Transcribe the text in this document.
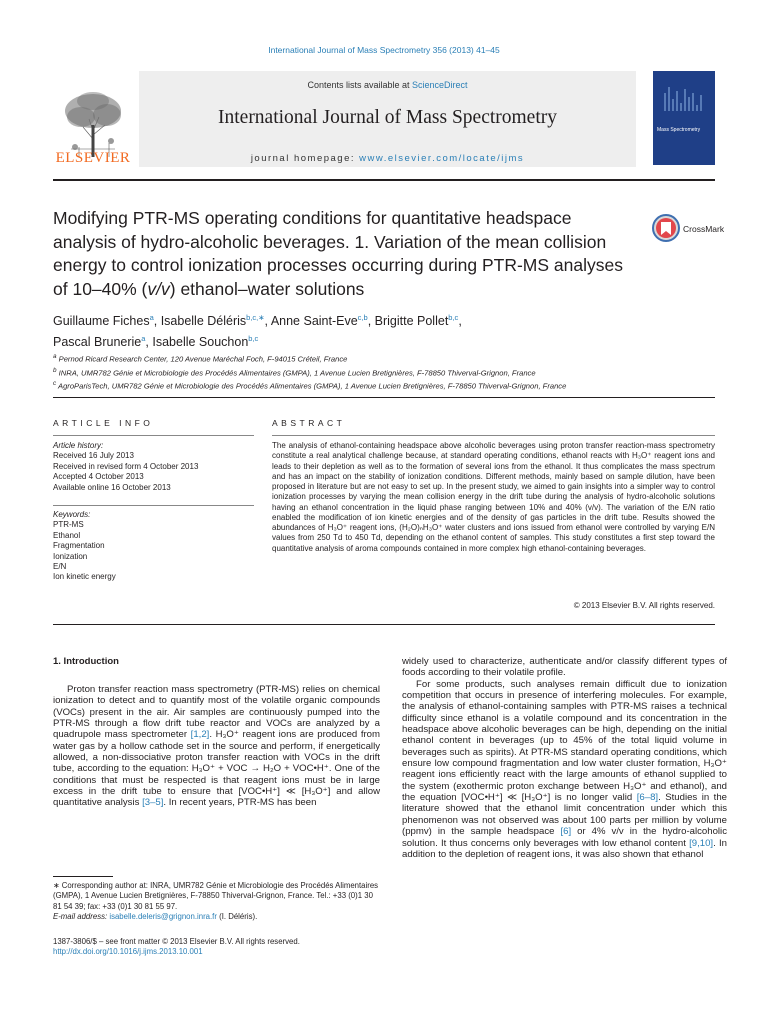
International Journal of Mass Spectrometry 356 (2013) 41–45
Contents lists available at ScienceDirect
International Journal of Mass Spectrometry
journal homepage: www.elsevier.com/locate/ijms
ELSEVIER
Mass Spectrometry
Modifying PTR-MS operating conditions for quantitative headspace analysis of hydro-alcoholic beverages. 1. Variation of the mean collision energy to control ionization processes occurring during PTR-MS analyses of 10–40% (v/v) ethanol–water solutions
CrossMark
Guillaume Fiches$^a$, Isabelle Déléris$^{b,c,∗}$, Anne Saint-Eve$^{c,b}$, Brigitte Pollet$^{b,c}$,
Pascal Brunerie$^a$, Isabelle Souchon$^{b,c}$
$^a$ Pernod Ricard Research Center, 120 Avenue Maréchal Foch, F-94015 Créteil, France
$^b$ INRA, UMR782 Génie et Microbiologie des Procédés Alimentaires (GMPA), 1 Avenue Lucien Bretignières, F-78850 Thiverval-Grignon, France
$^c$ AgroParisTech, UMR782 Génie et Microbiologie des Procédés Alimentaires (GMPA), 1 Avenue Lucien Bretignières, F-78850 Thiverval-Grignon, France
ARTICLE INFO	ABSTRACT
Article history:
Received 16 July 2013
Received in revised form 4 October 2013
Accepted 4 October 2013
Available online 16 October 2013
Keywords:
PTR-MS
Ethanol
Fragmentation
Ionization
E/N
Ion kinetic energy
The analysis of ethanol-containing headspace above alcoholic beverages using proton transfer reaction-mass spectrometry constitute a real analytical challenge because, at standard operating conditions, ethanol reacts with H₃O⁺ reagent ions and leads to their depletion as well as to the formation of several ions from the ethanol. It thus complicates the mass spectrum and has an impact on the stability of ionization conditions. Different methods, mainly based on sample dilution, have been proposed in literature but are not easy to set up. In the present study, we aimed to gain insights into a simpler way to control ionization processes by varying the mean collision energy in the drift tube during the analysis of hydro-alcoholic solutions having an ethanol concentration in the liquid phase ranging between 10% and 40% (v/v). The variation of the E/N ratio enabled the modification of ion kinetic energies and of the density of gas particles in the drift tube. Results showed the abundances of H₃O⁺ reagent ions, (H₂O)ₙH₃O⁺ water clusters and ions issued from ethanol were controlled by varying E/N values from 250 Td to 450 Td, depending on the ethanol content of samples. This study constitutes a first step toward the quantitative analysis of aroma compounds contained in more complex high ethanol-containing beverages.
© 2013 Elsevier B.V. All rights reserved.
1. Introduction
Proton transfer reaction mass spectrometry (PTR-MS) relies on chemical ionization to detect and to quantify most of the volatile organic compounds (VOCs) present in the air. Air samples are continuously pumped into the PTR-MS through a flow drift tube reactor and VOCs are analyzed by a quadrupole mass spectrometer [1,2]. H₃O⁺ reagent ions are produced from water gas by a hollow cathode set in the source and perform, if energetically allowed, a non-dissociative proton transfer reaction with VOCs in the drift tube, according to the equation: H₃O⁺ + VOC → H₂O + VOC•H⁺. One of the conditions that must be respected is that reagent ions must be in large excess in the drift tube to ensure that [VOC•H⁺] ≪ [H₃O⁺] and allow quantitative analysis [3–5]. In recent years, PTR-MS has been
widely used to characterize, authenticate and/or classify different types of foods according to their volatile profile.
For some products, such analyses remain difficult due to ionization competition that occurs in presence of interfering molecules. For example, the analysis of ethanol-containing samples with PTR-MS raises a technical difficulty since ethanol is a volatile compound and its concentration in the headspace above alcoholic beverages can be high, depending on the initial ethanol content in beverages (up to 45% of the total liquid volume in beverages such as spirits). At PTR-MS standard operating conditions, which ensure low compound fragmentation and low water cluster formation, H₃O⁺ reagent ions efficiently react with the large amounts of ethanol supplied to the system (exothermic proton exchange between H₃O⁺ and ethanol), and the equation [VOC•H⁺] ≪ [H₃O⁺] is no longer valid [6–8]. Studies in the literature showed that the ethanol limit concentration under which this phenomenon was not observed was about 100 parts per million by volume (ppmv) in the sample headspace [6] or 4% v/v in the hydro-alcoholic solution. It thus concerns only beverages with low ethanol content [9,10]. In addition to the depletion of reagent ions, it was also shown that ethanol
∗ Corresponding author at: INRA, UMR782 Génie et Microbiologie des Procédés Alimentaires (GMPA), 1 Avenue Lucien Bretignières, F-78850 Thiverval-Grignon, France. Tel.: +33 (0)1 30 81 54 39; fax: +33 (0)1 30 81 55 97.
E-mail address: isabelle.deleris@grignon.inra.fr (I. Déléris).
1387-3806/$ – see front matter © 2013 Elsevier B.V. All rights reserved.
http://dx.doi.org/10.1016/j.ijms.2013.10.001
